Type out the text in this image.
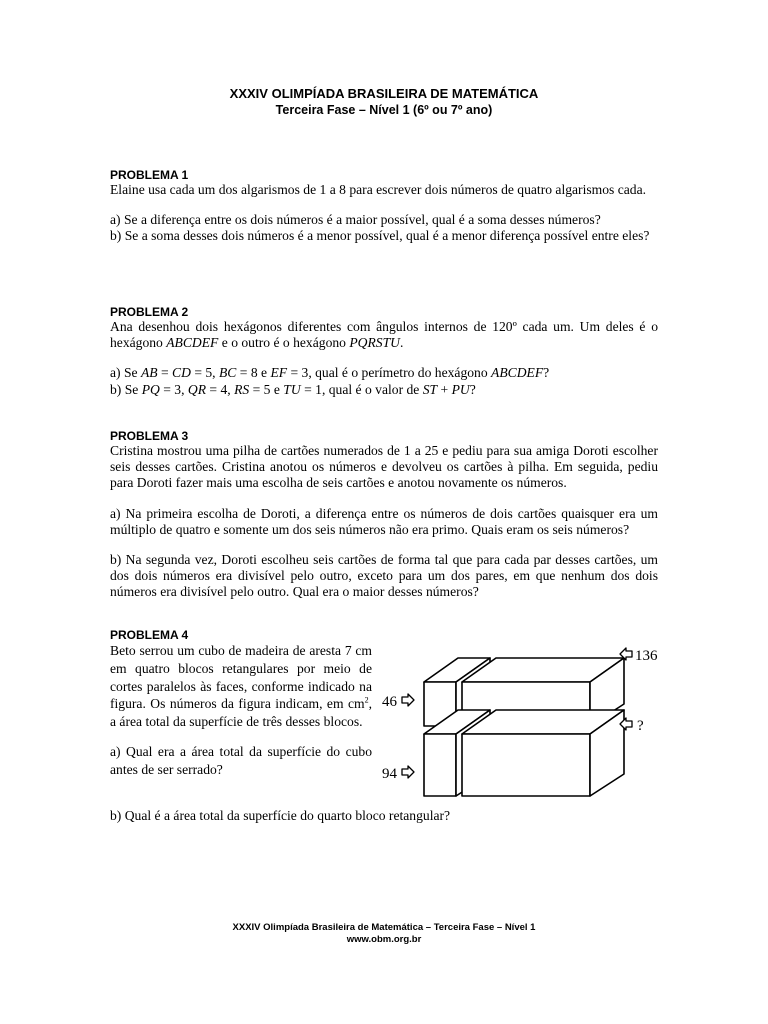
XXXIV OLIMPÍADA BRASILEIRA DE MATEMÁTICA
Terceira Fase – Nível 1 (6º ou 7º ano)
PROBLEMA 1

Elaine usa cada um dos algarismos de 1 a 8 para escrever dois números de quatro algarismos cada.

a) Se a diferença entre os dois números é a maior possível, qual é a soma desses números?

b) Se a soma desses dois números é a menor possível, qual é a menor diferença possível entre eles?

PROBLEMA 2

Ana desenhou dois hexágonos diferentes com ângulos internos de 120º cada um. Um deles é o hexágono ABCDEF e o outro é o hexágono PQRSTU.

a) Se AB = CD = 5, BC = 8 e EF = 3, qual é o perímetro do hexágono ABCDEF?

b) Se PQ = 3, QR = 4, RS = 5 e TU = 1, qual é o valor de ST + PU?

PROBLEMA 3

Cristina mostrou uma pilha de cartões numerados de 1 a 25 e pediu para sua amiga Doroti escolher seis desses cartões. Cristina anotou os números e devolveu os cartões à pilha. Em seguida, pediu para Doroti fazer mais uma escolha de seis cartões e anotou novamente os números.

a) Na primeira escolha de Doroti, a diferença entre os números de dois cartões quaisquer era um múltiplo de quatro e somente um dos seis números não era primo. Quais eram os seis números?

b) Na segunda vez, Doroti escolheu seis cartões de forma tal que para cada par desses cartões, um dos dois números era divisível pelo outro, exceto para um dos pares, em que nenhum dos dois números era divisível pelo outro. Qual era o maior desses números?

PROBLEMA 4

Beto serrou um cubo de madeira de aresta 7 cm em quatro blocos retangulares por meio de cortes paralelos às faces, conforme indicado na figura. Os números da figura indicam, em $cm^2$, a área total da superfície de três desses blocos.

a) Qual era a área total da superfície do cubo antes de ser serrado?

b) Qual é a área total da superfície do quarto bloco retangular?
136
?
46
94
XXXIV Olimpíada Brasileira de Matemática – Terceira Fase – Nível 1
www.obm.org.br
